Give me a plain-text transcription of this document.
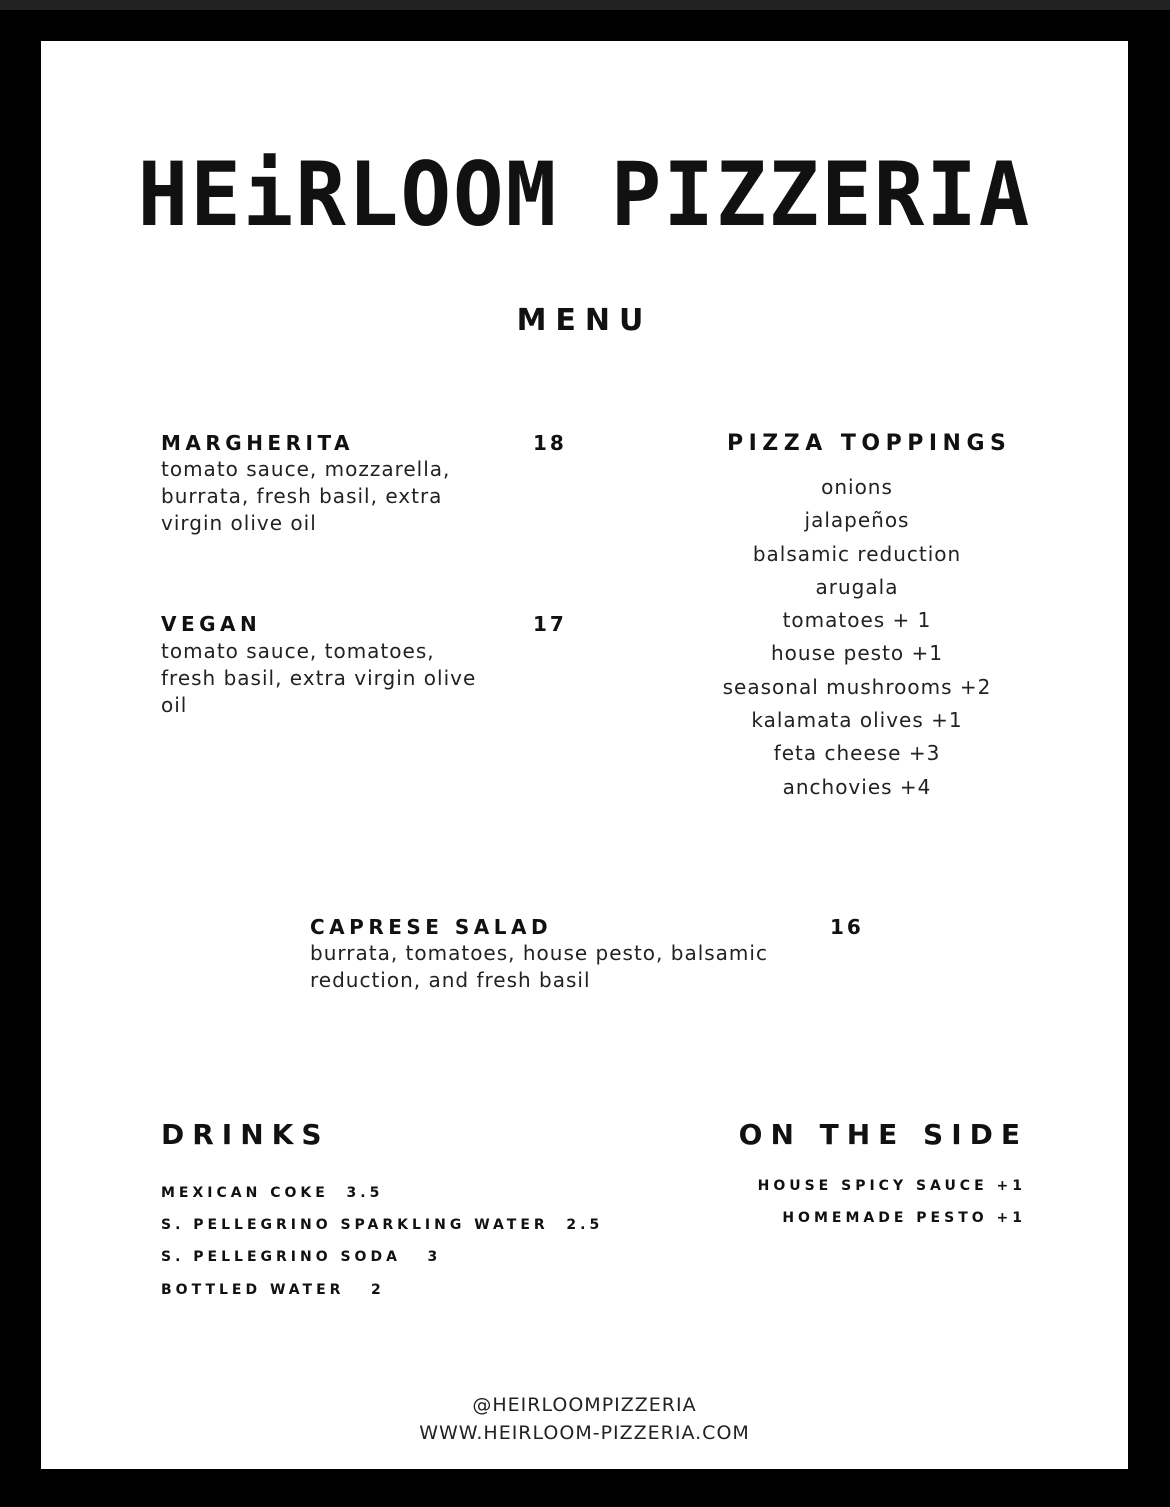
HEiRLOOM PIZZERIA
MENU
MARGHERITA	18
tomato sauce, mozzarella,
burrata, fresh basil, extra
virgin olive oil
VEGAN	17
tomato sauce, tomatoes,
fresh basil, extra virgin olive
oil
PIZZA TOPPINGS
onions
jalapeños
balsamic reduction
arugala
tomatoes + 1
house pesto +1
seasonal mushrooms +2
kalamata olives +1
feta cheese +3
anchovies +4
CAPRESE SALAD	16
burrata, tomatoes, house pesto, balsamic
reduction, and fresh basil
DRINKS
MEXICAN COKE  3.5
S. PELLEGRINO SPARKLING WATER  2.5
S. PELLEGRINO SODA   3
BOTTLED WATER   2
ON THE SIDE
HOUSE SPICY SAUCE +1
HOMEMADE PESTO +1
@HEIRLOOMPIZZERIA
WWW.HEIRLOOM-PIZZERIA.COM
